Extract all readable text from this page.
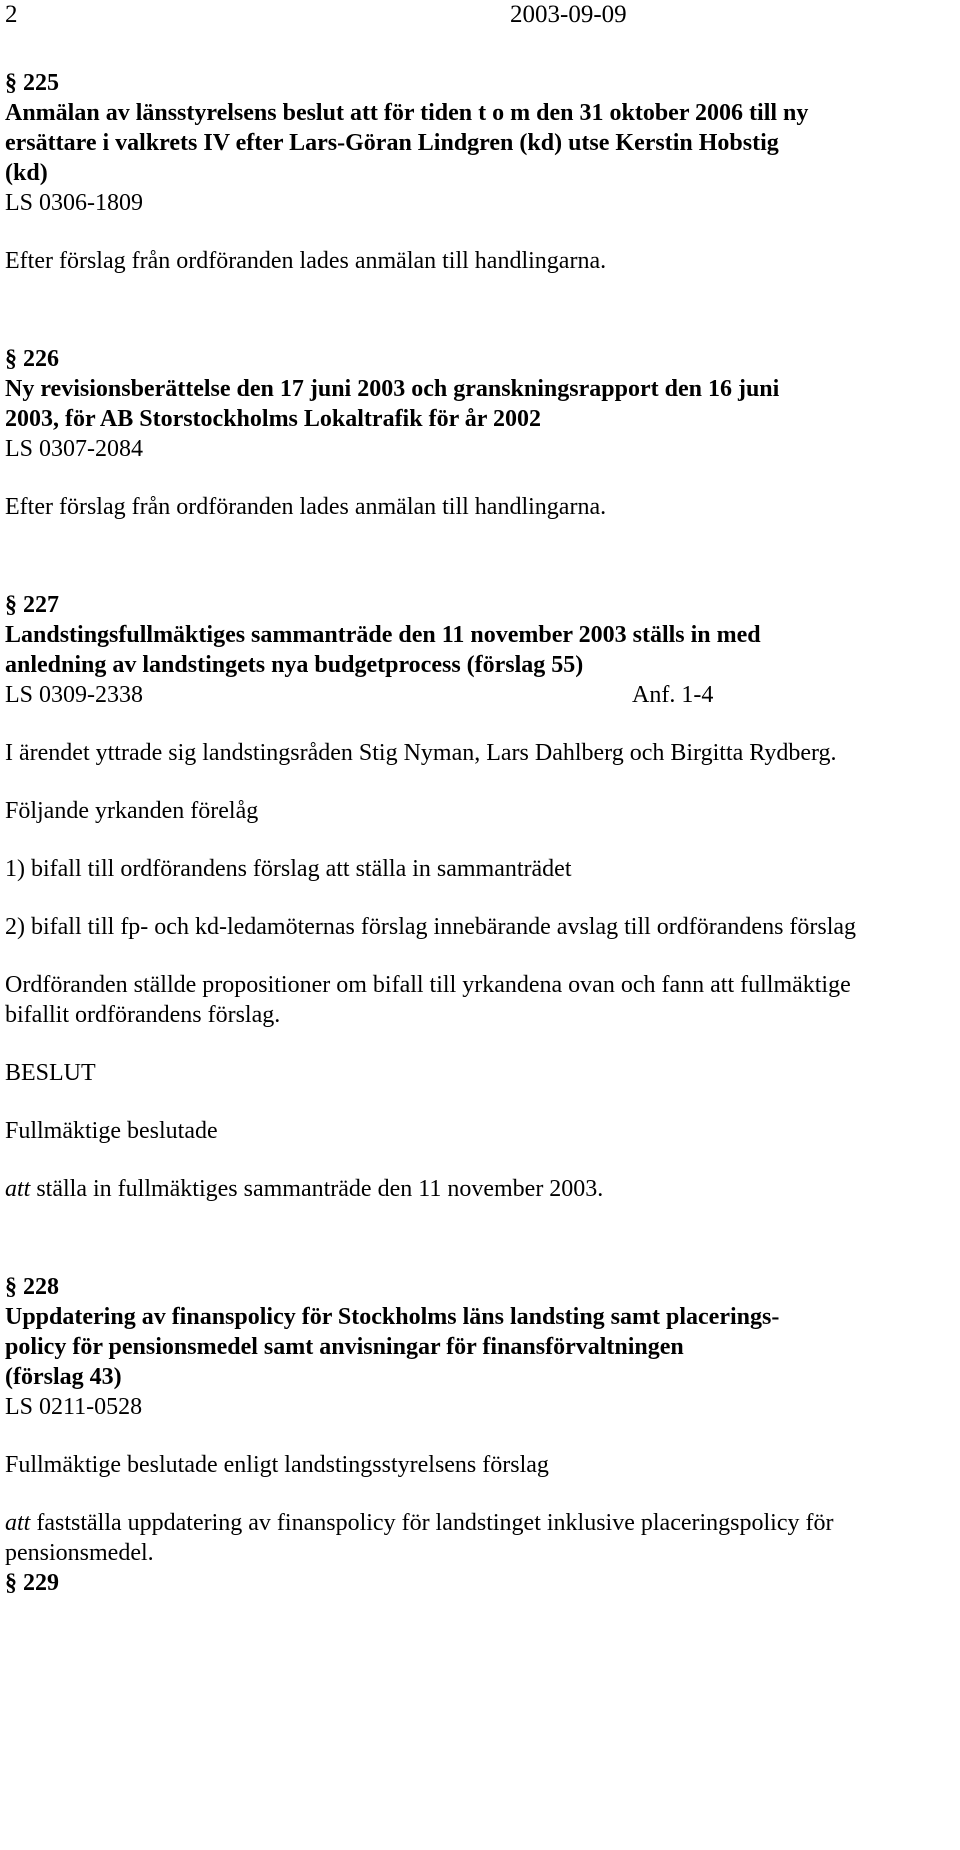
2	2003-09-09
§ 225
Anmälan av länsstyrelsens beslut att för tiden t o m den 31 oktober 2006 till ny
ersättare i valkrets IV efter Lars-Göran Lindgren (kd) utse Kerstin Hobstig
(kd)
LS 0306-1809
Efter förslag från ordföranden lades anmälan till handlingarna.
§ 226
Ny revisionsberättelse den 17 juni 2003 och granskningsrapport den 16 juni
2003, för AB Storstockholms Lokaltrafik för år 2002
LS 0307-2084
Efter förslag från ordföranden lades anmälan till handlingarna.
§ 227
Landstingsfullmäktiges sammanträde den 11 november 2003 ställs in med
anledning av landstingets nya budgetprocess (förslag 55)
LS 0309-2338	Anf. 1-4
I ärendet yttrade sig landstingsråden Stig Nyman, Lars Dahlberg och Birgitta Rydberg.
Följande yrkanden förelåg
1) bifall till ordförandens förslag att ställa in sammanträdet
2) bifall till fp- och kd-ledamöternas förslag innebärande avslag till ordförandens förslag
Ordföranden ställde propositioner om bifall till yrkandena ovan och fann att fullmäktige
bifallit ordförandens förslag.
BESLUT
Fullmäktige beslutade
att ställa in fullmäktiges sammanträde den 11 november 2003.
§ 228
Uppdatering av finanspolicy för Stockholms läns landsting samt placerings-
policy för pensionsmedel samt anvisningar för finansförvaltningen
(förslag 43)
LS 0211-0528
Fullmäktige beslutade enligt landstingsstyrelsens förslag
att fastställa uppdatering av finanspolicy för landstinget inklusive placeringspolicy för
pensionsmedel.
§ 229
